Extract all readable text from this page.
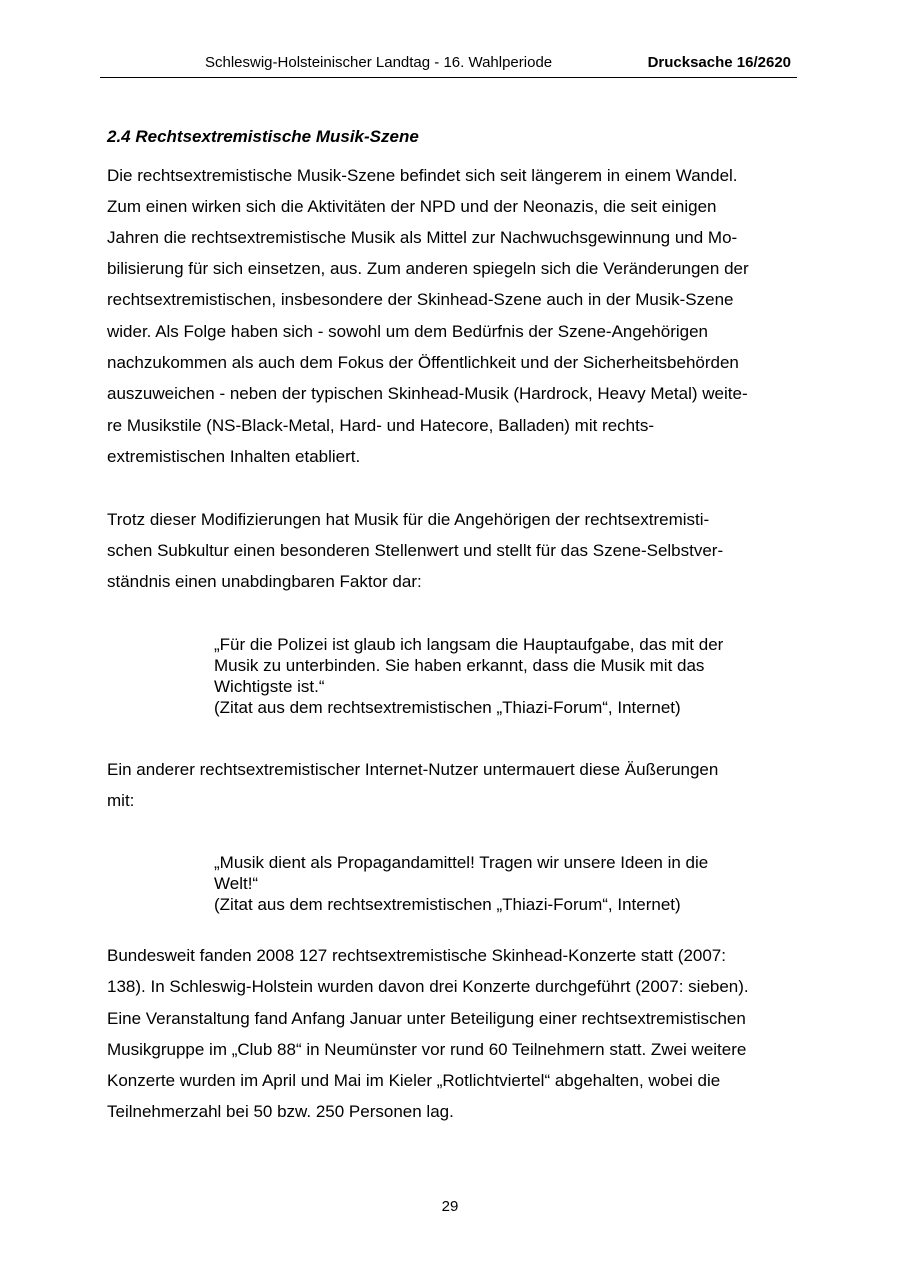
Schleswig-Holsteinischer Landtag - 16. Wahlperiode	Drucksache 16/2620
2.4 Rechtsextremistische Musik-Szene
Die rechtsextremistische Musik-Szene befindet sich seit längerem in einem Wandel.
Zum einen wirken sich die Aktivitäten der NPD und der Neonazis, die seit einigen
Jahren die rechtsextremistische Musik als Mittel zur Nachwuchsgewinnung und Mo-
bilisierung für sich einsetzen, aus. Zum anderen spiegeln sich die Veränderungen der
rechtsextremistischen, insbesondere der Skinhead-Szene auch in der Musik-Szene
wider. Als Folge haben sich - sowohl um dem Bedürfnis der Szene-Angehörigen
nachzukommen als auch dem Fokus der Öffentlichkeit und der Sicherheitsbehörden
auszuweichen - neben der typischen Skinhead-Musik (Hardrock, Heavy Metal) weite-
re Musikstile (NS-Black-Metal, Hard- und Hatecore, Balladen) mit rechts-
extremistischen Inhalten etabliert.
Trotz dieser Modifizierungen hat Musik für die Angehörigen der rechtsextremisti-
schen Subkultur einen besonderen Stellenwert und stellt für das Szene-Selbstver-
ständnis einen unabdingbaren Faktor dar:
„Für die Polizei ist glaub ich langsam die Hauptaufgabe, das mit der
Musik zu unterbinden. Sie haben erkannt, dass die Musik mit das
Wichtigste ist.“
(Zitat aus dem rechtsextremistischen „Thiazi-Forum“, Internet)
Ein anderer rechtsextremistischer Internet-Nutzer untermauert diese Äußerungen
mit:
„Musik dient als Propagandamittel! Tragen wir unsere Ideen in die
Welt!“
(Zitat aus dem rechtsextremistischen „Thiazi-Forum“, Internet)
Bundesweit fanden 2008 127 rechtsextremistische Skinhead-Konzerte statt (2007:
138). In Schleswig-Holstein wurden davon drei Konzerte durchgeführt (2007: sieben).
Eine Veranstaltung fand Anfang Januar unter Beteiligung einer rechtsextremistischen
Musikgruppe im „Club 88“ in Neumünster vor rund 60 Teilnehmern statt. Zwei weitere
Konzerte wurden im April und Mai im Kieler „Rotlichtviertel“ abgehalten, wobei die
Teilnehmerzahl bei 50 bzw. 250 Personen lag.
29
